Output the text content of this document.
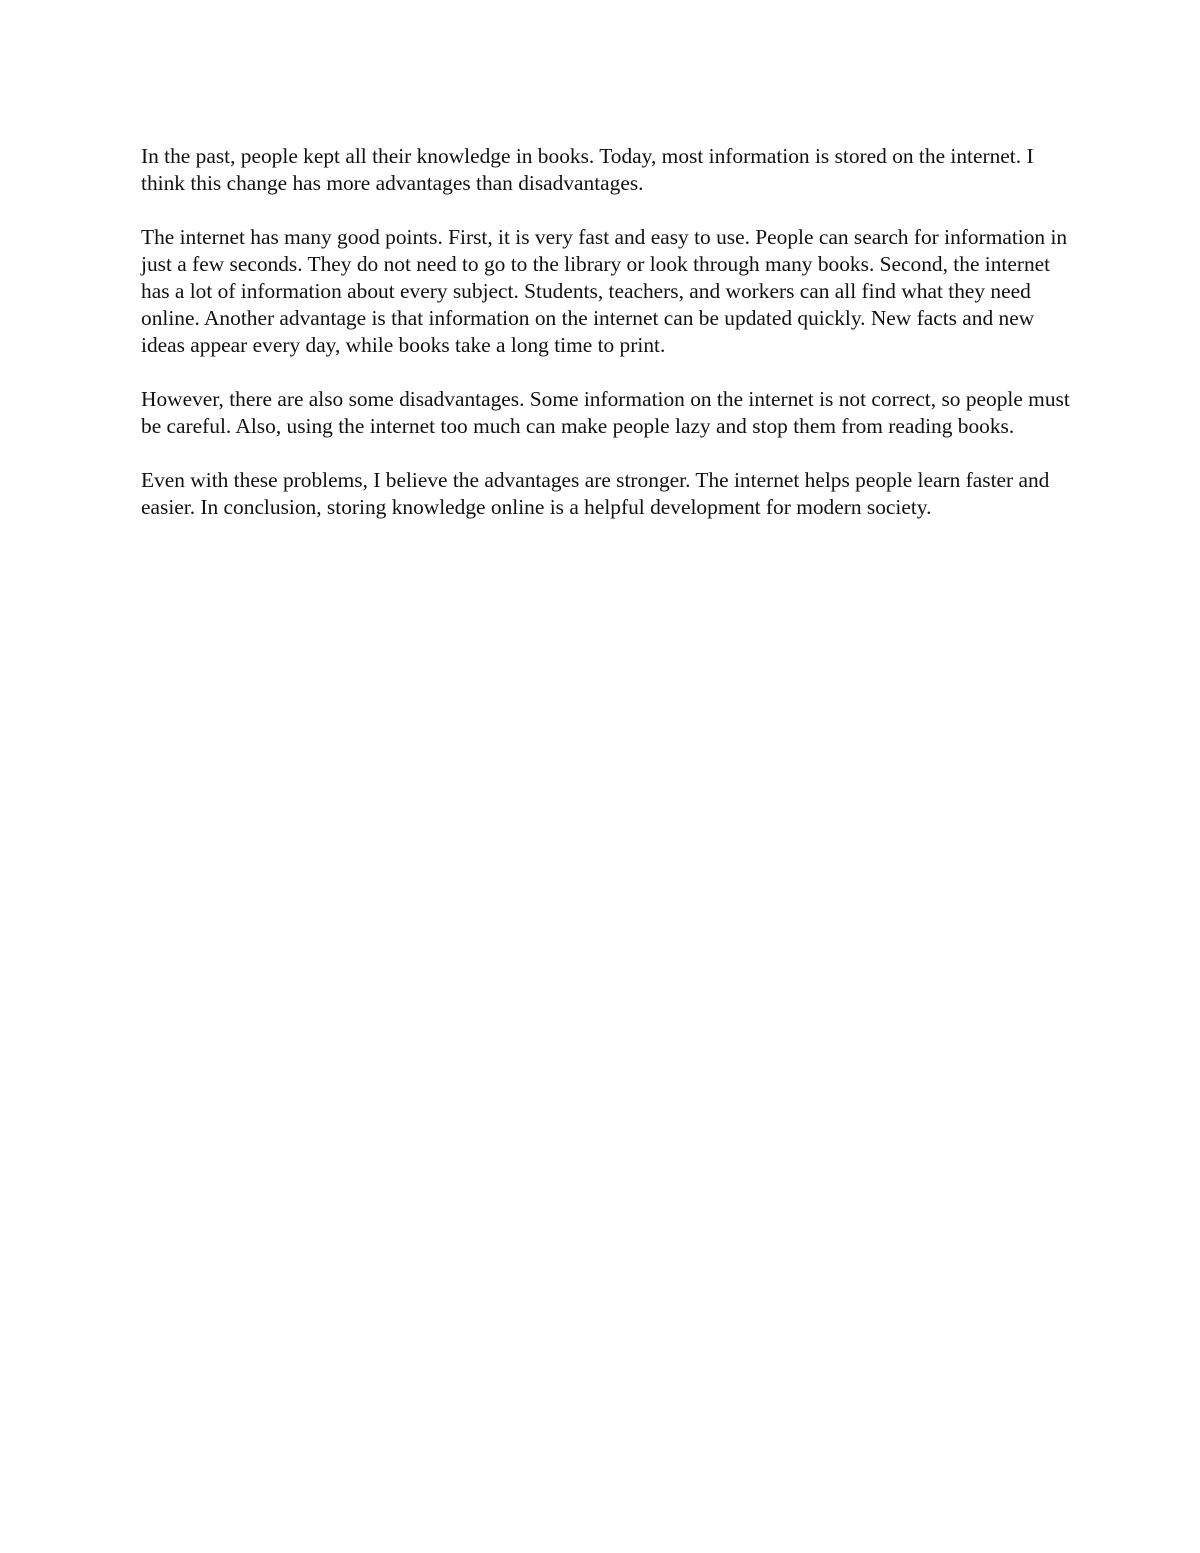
In the past, people kept all their knowledge in books. Today, most information is stored on the internet. I think this change has more advantages than disadvantages.

The internet has many good points. First, it is very fast and easy to use. People can search for information in just a few seconds. They do not need to go to the library or look through many books. Second, the internet has a lot of information about every subject. Students, teachers, and workers can all find what they need online. Another advantage is that information on the internet can be updated quickly. New facts and new ideas appear every day, while books take a long time to print.

However, there are also some disadvantages. Some information on the internet is not correct, so people must be careful. Also, using the internet too much can make people lazy and stop them from reading books.

Even with these problems, I believe the advantages are stronger. The internet helps people learn faster and easier. In conclusion, storing knowledge online is a helpful development for modern society.
